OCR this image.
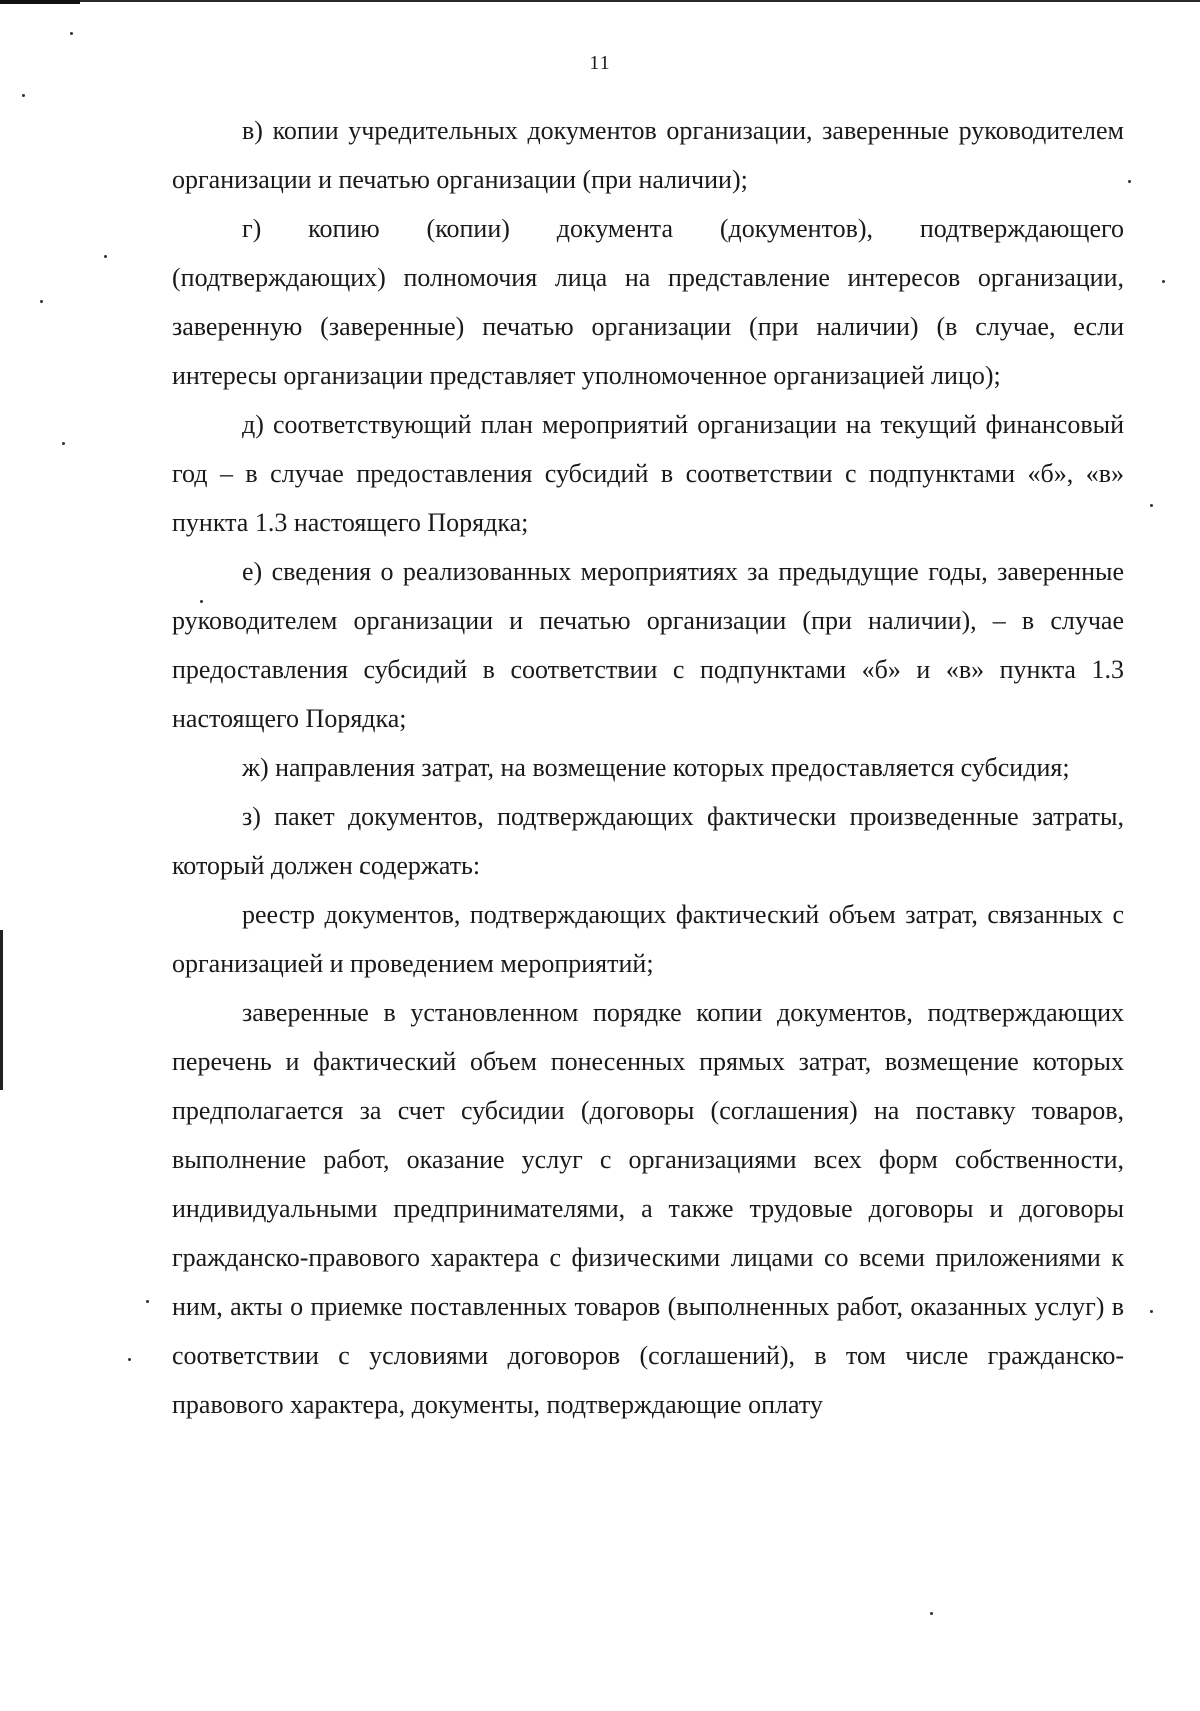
11

в) копии учредительных документов организации, заверенные руководителем организации и печатью организации (при наличии);

г) копию (копии) документа (документов), подтверждающего (подтверждающих) полномочия лица на представление интересов организации, заверенную (заверенные) печатью организации (при наличии) (в случае, если интересы организации представляет уполномоченное организацией лицо);

д) соответствующий план мероприятий организации на текущий финансовый год – в случае предоставления субсидий в соответствии с подпунктами «б», «в» пункта 1.3 настоящего Порядка;

е) сведения о реализованных мероприятиях за предыдущие годы, заверенные руководителем организации и печатью организации (при наличии), – в случае предоставления субсидий в соответствии с подпунктами «б» и «в» пункта 1.3 настоящего Порядка;

ж) направления затрат, на возмещение которых предоставляется субсидия;

з) пакет документов, подтверждающих фактически произведенные затраты, который должен содержать:

реестр документов, подтверждающих фактический объем затрат, связанных с организацией и проведением мероприятий;

заверенные в установленном порядке копии документов, подтверждающих перечень и фактический объем понесенных прямых затрат, возмещение которых предполагается за счет субсидии (договоры (соглашения) на поставку товаров, выполнение работ, оказание услуг с организациями всех форм собственности, индивидуальными предпринимателями, а также трудовые договоры и договоры гражданско-правового характера с физическими лицами со всеми приложениями к ним, акты о приемке поставленных товаров (выполненных работ, оказанных услуг) в соответствии с условиями договоров (соглашений), в том числе гражданско-правового характера, документы, подтверждающие оплату
